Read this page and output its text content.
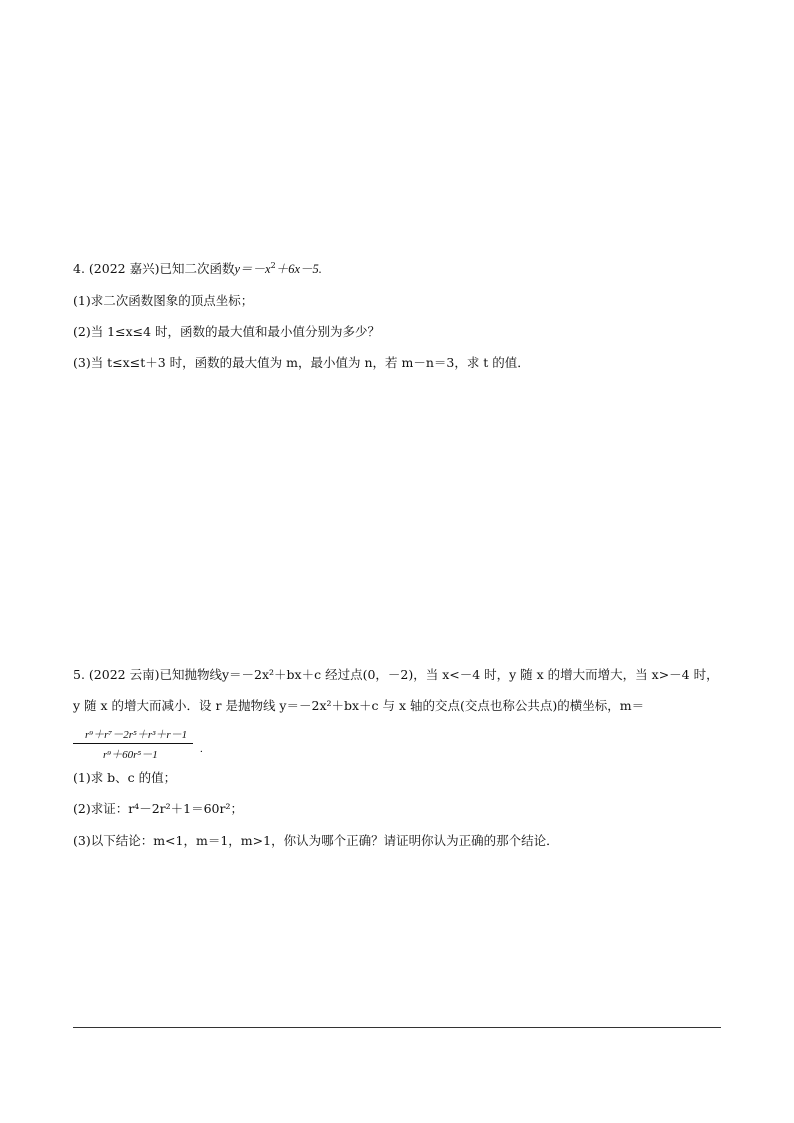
4. (2022 嘉兴)已知二次函数$y=-x^2+6x-5$.
(1)求二次函数图象的顶点坐标；
(2)当 1≤x≤4 时，函数的最大值和最小值分别为多少？
(3)当 t≤x≤t＋3 时，函数的最大值为 m，最小值为 n，若 m－n＝3，求 t 的值．
5. (2022 云南)已知抛物线y＝－2x²＋bx＋c 经过点(0，－2)，当 x<－4 时，y 随 x 的增大而增大，当 x>－4 时，
y 随 x 的增大而减小．设 r 是抛物线 y＝－2x²＋bx＋c 与 x 轴的交点(交点也称公共点)的横坐标，m＝
r⁹＋r⁷－2r⁵＋r³＋r－1
r⁹＋60r⁵－1	.
(1)求 b、c 的值；
(2)求证：r⁴－2r²＋1＝60r²；
(3)以下结论：m<1，m＝1，m>1，你认为哪个正确？请证明你认为正确的那个结论．
